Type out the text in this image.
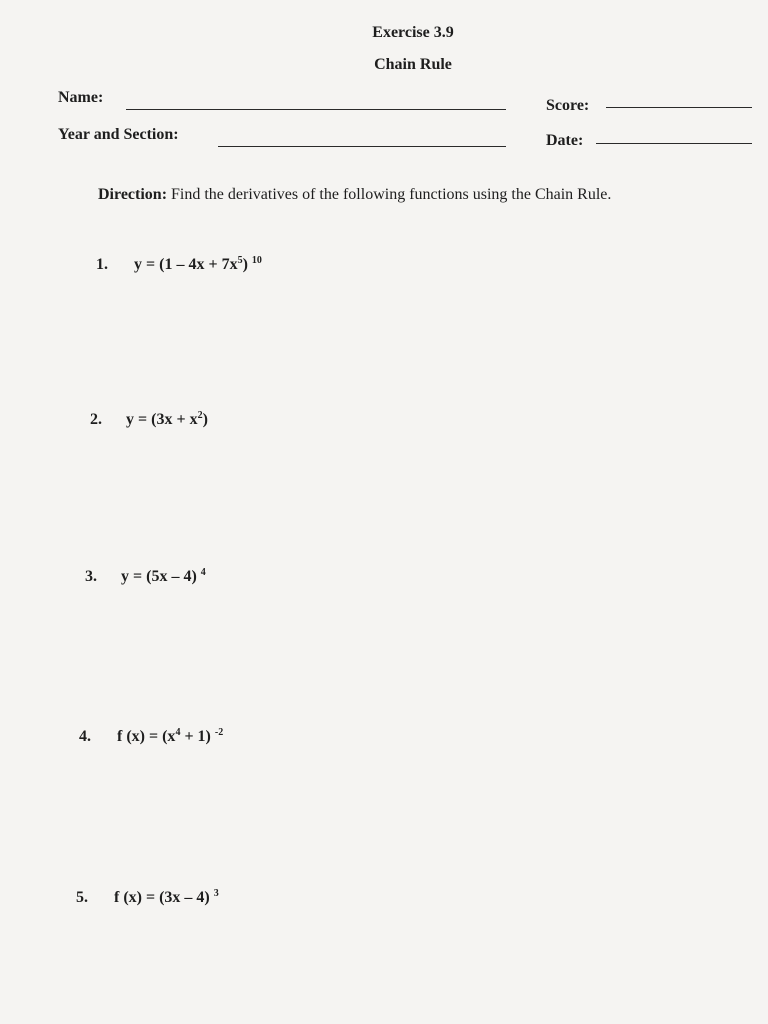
Exercise 3.9
Chain Rule
Name:	Score:
Year and Section:	Date:
Direction: Find the derivatives of the following functions using the Chain Rule.
1. $y = (1 - 4x + 7x^5)$ $^{10}$
2. $y = (3x + x^2)$
3. y = (5x – 4) $^4$
4. f $(x) = (x^4 + 1)$ $^{-2}$
5. f (x) = (3x – 4) $^3$
